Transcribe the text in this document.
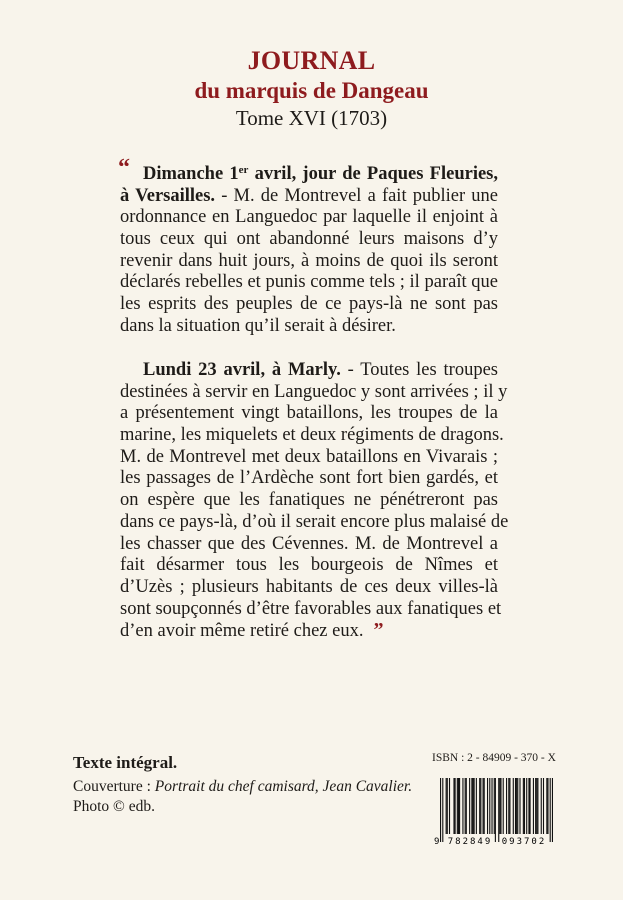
JOURNAL
du marquis de Dangeau
Tome XVI (1703)
“ Dimanche 1er avril, jour de Paques Fleuries,
à Versailles. - M. de Montrevel a fait publier une
ordonnance en Languedoc par laquelle il enjoint à
tous ceux qui ont abandonné leurs maisons d’y
revenir dans huit jours, à moins de quoi ils seront
déclarés rebelles et punis comme tels ; il paraît que
les esprits des peuples de ce pays-là ne sont pas
dans la situation qu’il serait à désirer.
Lundi 23 avril, à Marly. - Toutes les troupes
destinées à servir en Languedoc y sont arrivées ; il y
a présentement vingt bataillons, les troupes de la
marine, les miquelets et deux régiments de dragons.
M. de Montrevel met deux bataillons en Vivarais ;
les passages de l’Ardèche sont fort bien gardés, et
on espère que les fanatiques ne pénétreront pas
dans ce pays-là, d’où il serait encore plus malaisé de
les chasser que des Cévennes. M. de Montrevel a
fait désarmer tous les bourgeois de Nîmes et
d’Uzès ; plusieurs habitants de ces deux villes-là
sont soupçonnés d’être favorables aux fanatiques et
d’en avoir même retiré chez eux. ”
Texte intégral.
Couverture : Portrait du chef camisard, Jean Cavalier.
Photo © edb.
ISBN : 2 - 84909 - 370 - X
9 782849 093702
